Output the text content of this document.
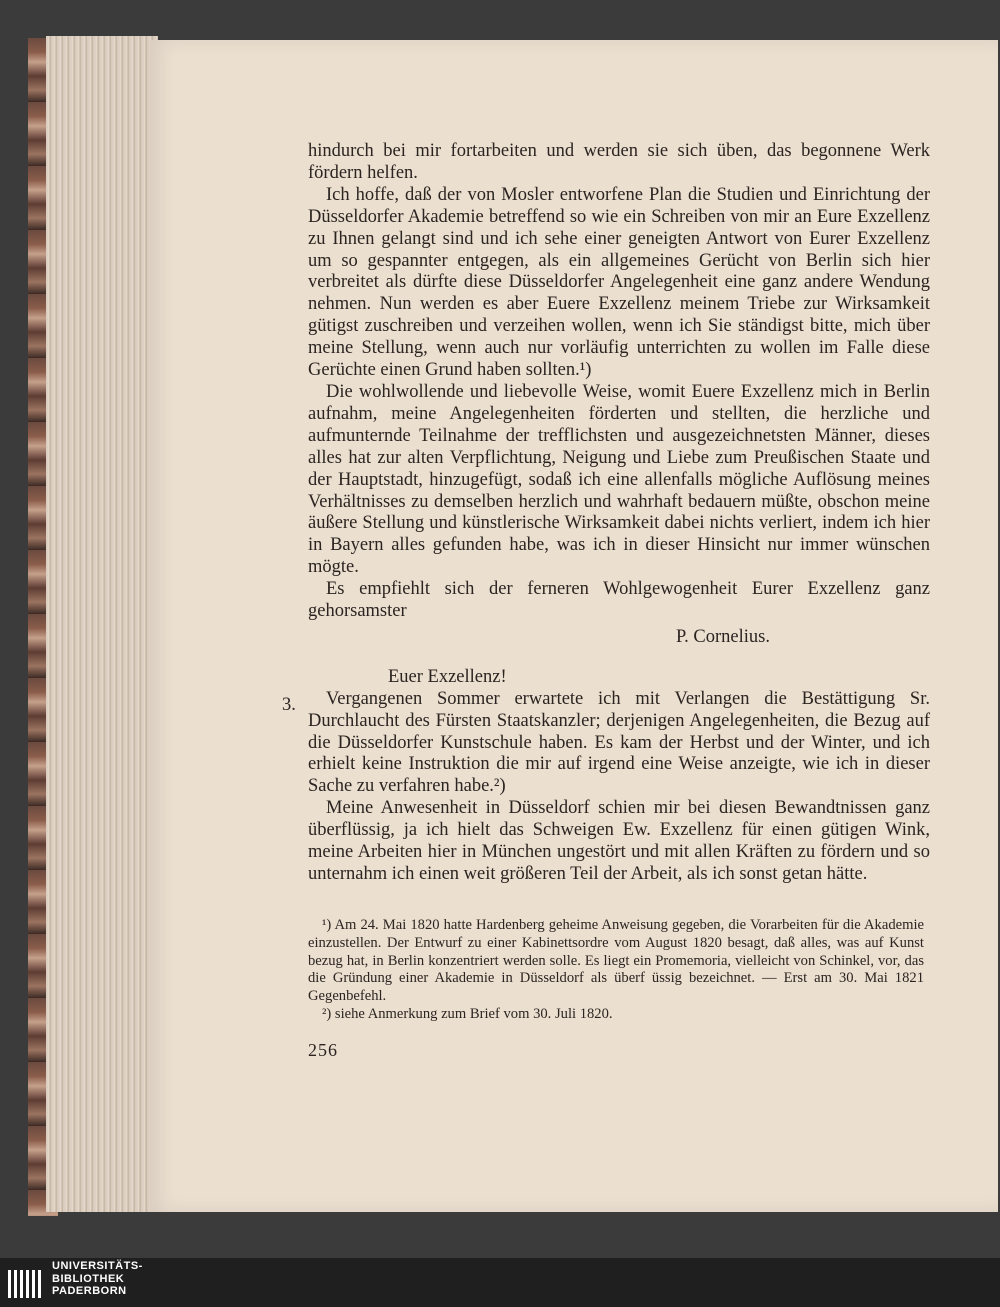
hindurch bei mir fortarbeiten und werden sie sich üben, das begonnene Werk fördern helfen.

Ich hoffe, daß der von Mosler entworfene Plan die Studien und Einrichtung der Düsseldorfer Akademie betreffend so wie ein Schreiben von mir an Eure Exzellenz zu Ihnen gelangt sind und ich sehe einer geneigten Antwort von Eurer Exzellenz um so gespannter entgegen, als ein allgemeines Gerücht von Berlin sich hier verbreitet als dürfte diese Düsseldorfer Angelegenheit eine ganz andere Wendung nehmen. Nun werden es aber Euere Exzellenz meinem Triebe zur Wirksamkeit gütigst zuschreiben und verzeihen wollen, wenn ich Sie ständigst bitte, mich über meine Stellung, wenn auch nur vorläufig unterrichten zu wollen im Falle diese Gerüchte einen Grund haben sollten.¹)

Die wohlwollende und liebevolle Weise, womit Euere Exzellenz mich in Berlin aufnahm, meine Angelegenheiten förderten und stellten, die herzliche und aufmunternde Teilnahme der trefflichsten und ausgezeichnetsten Männer, dieses alles hat zur alten Verpflichtung, Neigung und Liebe zum Preußischen Staate und der Hauptstadt, hinzugefügt, sodaß ich eine allenfalls mögliche Auflösung meines Verhältnisses zu demselben herzlich und wahrhaft bedauern müßte, obschon meine äußere Stellung und künstlerische Wirksamkeit dabei nichts verliert, indem ich hier in Bayern alles gefunden habe, was ich in dieser Hinsicht nur immer wünschen mögte.

Es empfiehlt sich der ferneren Wohlgewogenheit Eurer Exzellenz ganz gehorsamster

P. Cornelius.

Euer Exzellenz!

Vergangenen Sommer erwartete ich mit Verlangen die Bestättigung Sr. Durchlaucht des Fürsten Staatskanzler; derjenigen Angelegenheiten, die Bezug auf die Düsseldorfer Kunstschule haben. Es kam der Herbst und der Winter, und ich erhielt keine Instruktion die mir auf irgend eine Weise anzeigte, wie ich in dieser Sache zu verfahren habe.²)

Meine Anwesenheit in Düsseldorf schien mir bei diesen Bewandtnissen ganz überflüssig, ja ich hielt das Schweigen Ew. Exzellenz für einen gütigen Wink, meine Arbeiten hier in München ungestört und mit allen Kräften zu fördern und so unternahm ich einen weit größeren Teil der Arbeit, als ich sonst getan hätte.

3.

¹) Am 24. Mai 1820 hatte Hardenberg geheime Anweisung gegeben, die Vorarbeiten für die Akademie einzustellen. Der Entwurf zu einer Kabinettsordre vom August 1820 besagt, daß alles, was auf Kunst bezug hat, in Berlin konzentriert werden solle. Es liegt ein Promemoria, vielleicht von Schinkel, vor, das die Gründung einer Akademie in Düsseldorf als überf üssig bezeichnet. — Erst am 30. Mai 1821 Gegenbefehl.

²) siehe Anmerkung zum Brief vom 30. Juli 1820.

256
UNIVERSITÄTS-
BIBLIOTHEK
PADERBORN
